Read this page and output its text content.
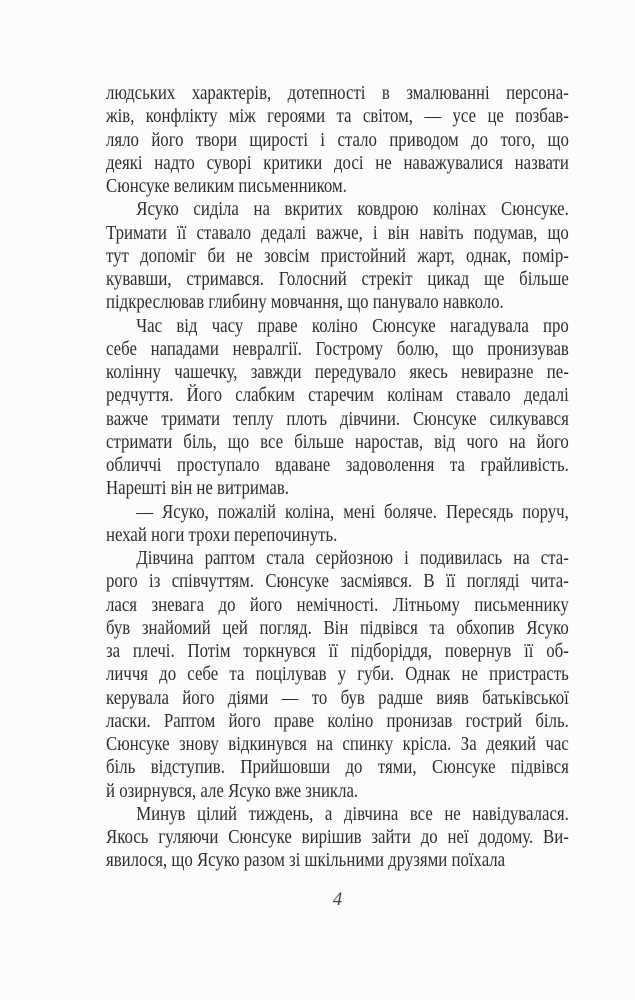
людських характерів, дотепності в змалюванні персона-
жів, конфлікту між героями та світом, — усе це позбав-
ляло його твори щирості і стало приводом до того, що
деякі надто суворі критики досі не наважувалися назвати
Сюнсуке великим письменником.
Ясуко сиділа на вкритих ковдрою колінах Сюнсуке.
Тримати її ставало дедалі важче, і він навіть подумав, що
тут допоміг би не зовсім пристойний жарт, однак, помір-
кувавши, стримався. Голосний стрекіт цикад ще більше
підкреслював глибину мовчання, що панувало навколо.
Час від часу праве коліно Сюнсуке нагадувала про
себе нападами невралгії. Гострому болю, що пронизував
колінну чашечку, завжди передувало якесь невиразне пе-
редчуття. Його слабким старечим колінам ставало дедалі
важче тримати теплу плоть дівчини. Сюнсуке силкувався
стримати біль, що все більше наростав, від чого на його
обличчі проступало вдаване задоволення та грайливість.
Нарешті він не витримав.
— Ясуко, пожалій коліна, мені боляче. Пересядь поруч,
нехай ноги трохи перепочинуть.
Дівчина раптом стала серйозною і подивилась на ста-
рого із співчуттям. Сюнсуке засміявся. В її погляді чита-
лася зневага до його немічності. Літньому письменнику
був знайомий цей погляд. Він підвівся та обхопив Ясуко
за плечі. Потім торкнувся її підборіддя, повернув її об-
личчя до себе та поцілував у губи. Однак не пристрасть
керувала його діями — то був радше вияв батьківської
ласки. Раптом його праве коліно пронизав гострий біль.
Сюнсуке знову відкинувся на спинку крісла. За деякий час
біль відступив. Прийшовши до тями, Сюнсуке підвівся
й озирнувся, але Ясуко вже зникла.
Минув цілий тиждень, а дівчина все не навідувалася.
Якось гуляючи Сюнсуке вирішив зайти до неї додому. Ви-
явилося, що Ясуко разом зі шкільними друзями поїхала
4
